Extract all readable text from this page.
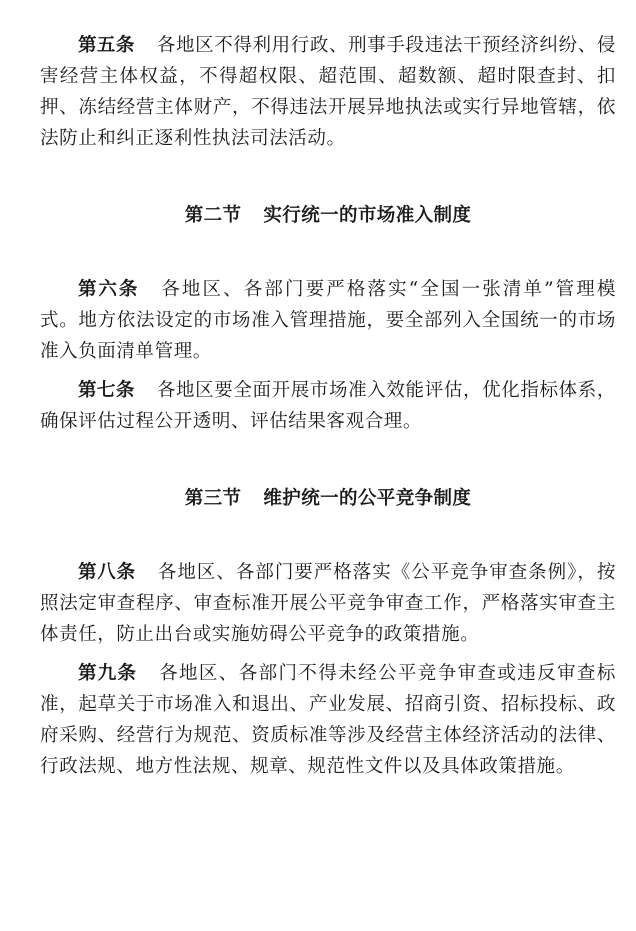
第五条 各地区不得利用行政、刑事手段违法干预经济纠纷、侵害经营主体权益，不得超权限、超范围、超数额、超时限查封、扣押、冻结经营主体财产，不得违法开展异地执法或实行异地管辖，依法防止和纠正逐利性执法司法活动。

第二节 实行统一的市场准入制度

第六条 各地区、各部门要严格落实“全国一张清单”管理模式。地方依法设定的市场准入管理措施，要全部列入全国统一的市场准入负面清单管理。

第七条 各地区要全面开展市场准入效能评估，优化指标体系，确保评估过程公开透明、评估结果客观合理。

第三节 维护统一的公平竞争制度

第八条 各地区、各部门要严格落实《公平竞争审查条例》，按照法定审查程序、审查标准开展公平竞争审查工作，严格落实审查主体责任，防止出台或实施妨碍公平竞争的政策措施。

第九条 各地区、各部门不得未经公平竞争审查或违反审查标准，起草关于市场准入和退出、产业发展、招商引资、招标投标、政府采购、经营行为规范、资质标准等涉及经营主体经济活动的法律、行政法规、地方性法规、规章、规范性文件以及具体政策措施。
